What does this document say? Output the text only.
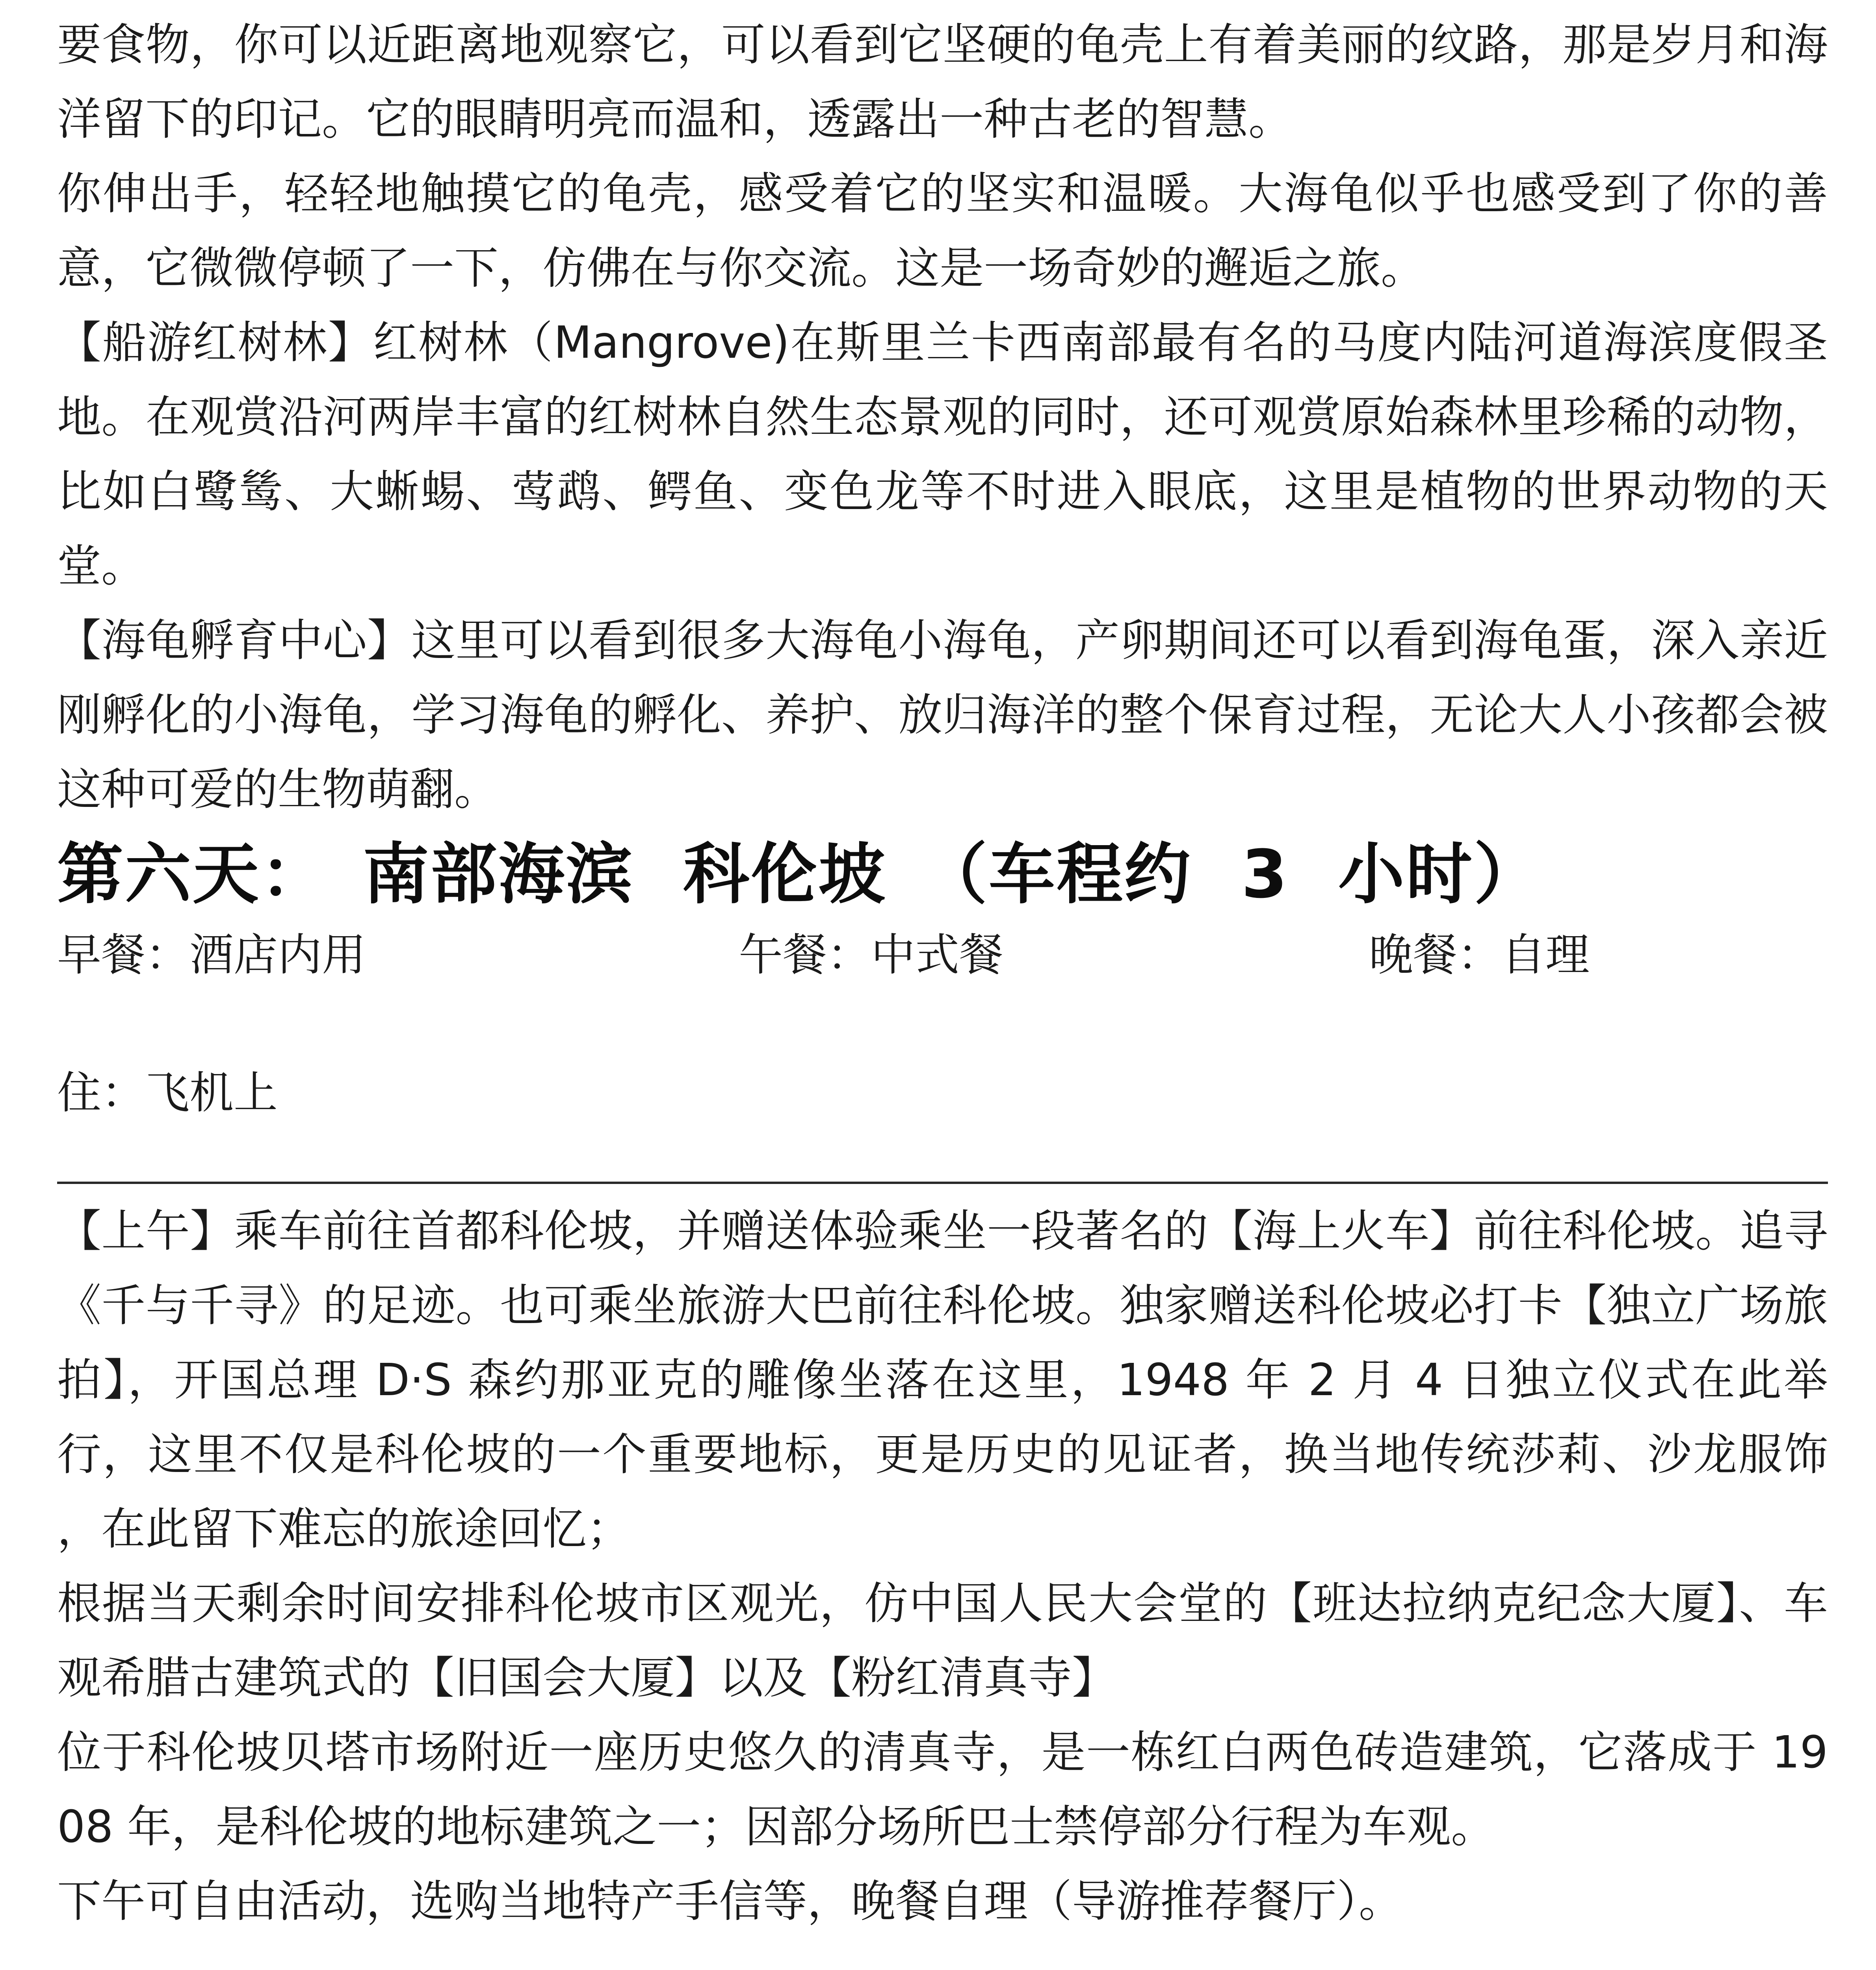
要食物，你可以近距离地观察它，可以看到它坚硬的龟壳上有着美丽的纹路，那是岁月和海洋留下的印记。它的眼睛明亮而温和，透露出一种古老的智慧。

你伸出手，轻轻地触摸它的龟壳，感受着它的坚实和温暖。大海龟似乎也感受到了你的善意，它微微停顿了一下，仿佛在与你交流。这是一场奇妙的邂逅之旅。

【船游红树林】红树林（Mangrove)在斯里兰卡西南部最有名的马度内陆河道海滨度假圣地。在观赏沿河两岸丰富的红树林自然生态景观的同时，还可观赏原始森林里珍稀的动物，比如白鹭鸶、大蜥蜴、莺鹉、鳄鱼、变色龙等不时进入眼底，这里是植物的世界动物的天堂。

【海龟孵育中心】这里可以看到很多大海龟小海龟，产卵期间还可以看到海龟蛋，深入亲近刚孵化的小海龟，学习海龟的孵化、养护、放归海洋的整个保育过程，无论大人小孩都会被这种可爱的生物萌翻。

第六天：　南部海滨  科伦坡　（车程约  3  小时）
早餐：酒店内用	午餐：中式餐	晚餐：自理
住：飞机上

【上午】乘车前往首都科伦坡，并赠送体验乘坐一段著名的【海上火车】前往科伦坡。追寻《千与千寻》的足迹。也可乘坐旅游大巴前往科伦坡。独家赠送科伦坡必打卡【独立广场旅拍】，开国总理 D·S 森约那亚克的雕像坐落在这里，1948 年 2 月 4 日独立仪式在此举行，这里不仅是科伦坡的一个重要地标，更是历史的见证者，换当地传统莎莉、沙龙服饰 ，在此留下难忘的旅途回忆；

根据当天剩余时间安排科伦坡市区观光，仿中国人民大会堂的【班达拉纳克纪念大厦】、车观希腊古建筑式的【旧国会大厦】以及【粉红清真寺】

位于科伦坡贝塔市场附近一座历史悠久的清真寺，是一栋红白两色砖造建筑，它落成于 1908 年，是科伦坡的地标建筑之一；因部分场所巴士禁停部分行程为车观。

下午可自由活动，选购当地特产手信等，晚餐自理（导游推荐餐厅）。
